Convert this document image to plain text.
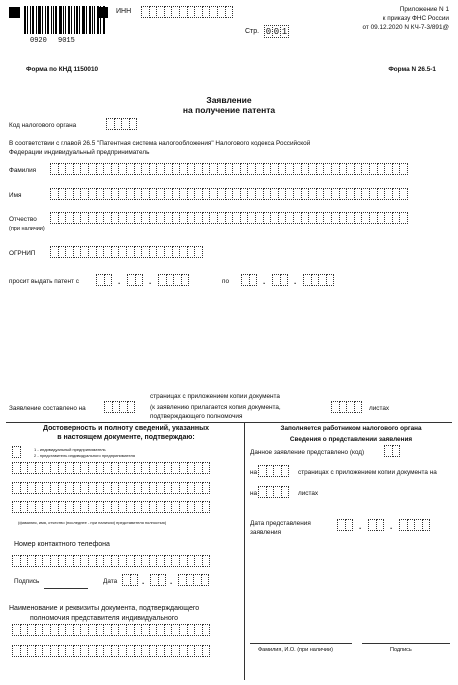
0920 9015
ИНН
Стр. 0 0 1
Приложение N 1
к приказу ФНС России
от 09.12.2020 N КЧ-7-3/891@
Форма по КНД 1150010	Форма N 26.5-1
Заявление
на получение патента
Код налогового органа
В соответствии с главой 26.5 "Патентная система налогообложения" Налогового кодекса Российской
Федерации индивидуальный предприниматель
Фамилия
Имя
Отчество
(при наличии)
ОГРНИП
просит выдать патент с	.	.	по	.	.
Заявление составлено на
страницах с приложением копии документа
(к заявлению прилагается копия документа,
подтверждающего полномочия
листах
Достоверность и полноту сведений, указанных
в настоящем документе, подтверждаю:
1 - индивидуальный предприниматель
2 - представитель индивидуального предпринимателя
(фамилия, имя, отчество (последнее - при наличии) представителя полностью)
Номер контактного телефона
Подпись	Дата	.	.
Наименование и реквизиты документа, подтверждающего
полномочия представителя индивидуального
Заполняется работником налогового органа
Сведения о представлении заявления
Данное заявление представлено (код)
на	страницах с приложением копии документа на
на	листах
Дата представления
заявления
.	.
Фамилия, И.О. (при наличии)	Подпись
